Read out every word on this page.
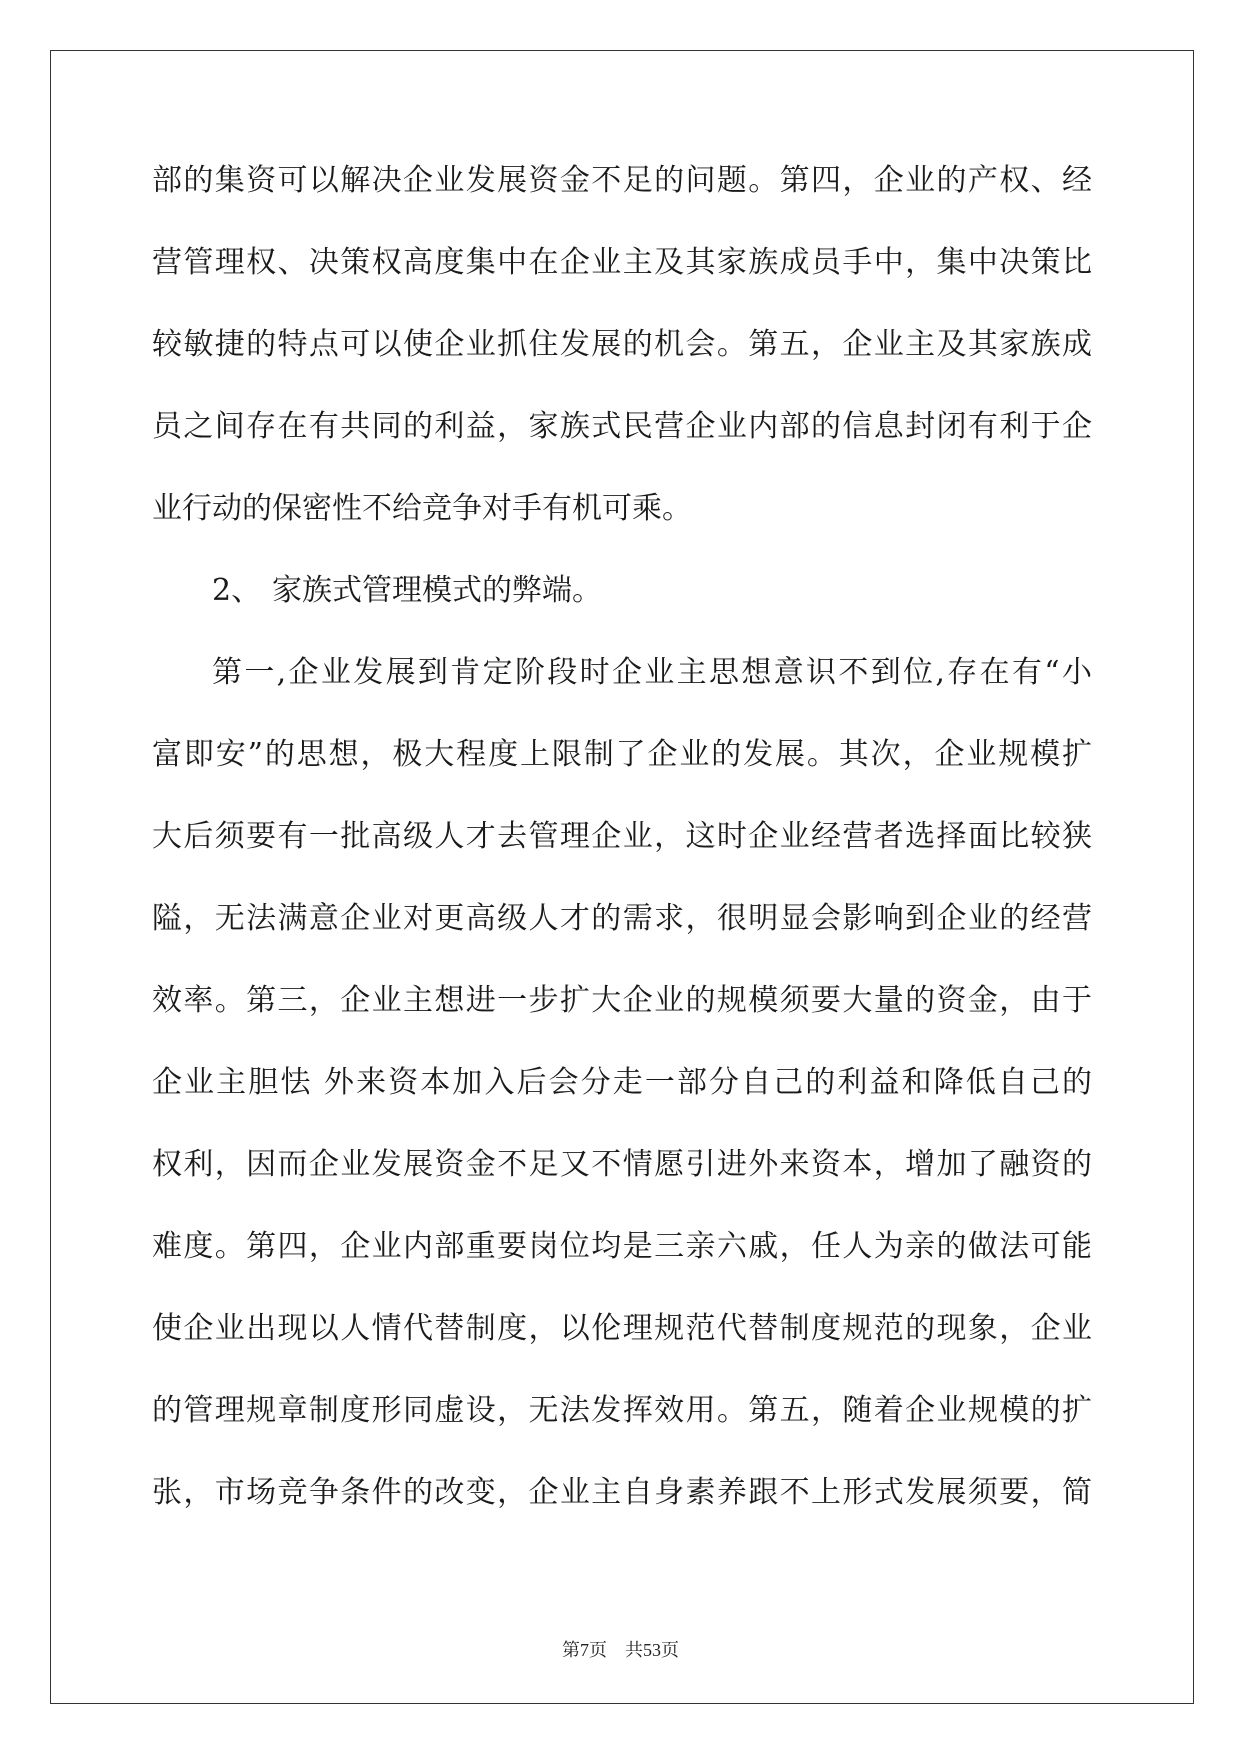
部的集资可以解决企业发展资金不足的问题。第四，企业的产权、经
营管理权、决策权高度集中在企业主及其家族成员手中，集中决策比
较敏捷的特点可以使企业抓住发展的机会。第五，企业主及其家族成
员之间存在有共同的利益，家族式民营企业内部的信息封闭有利于企
业行动的保密性不给竞争对手有机可乘。
2、 家族式管理模式的弊端。
第一,企业发展到肯定阶段时企业主思想意识不到位,存在有“小
富即安”的思想，极大程度上限制了企业的发展。其次，企业规模扩
大后须要有一批高级人才去管理企业，这时企业经营者选择面比较狭
隘，无法满意企业对更高级人才的需求，很明显会影响到企业的经营
效率。第三，企业主想进一步扩大企业的规模须要大量的资金，由于
企业主胆怯 外来资本加入后会分走一部分自己的利益和降低自己的
权利，因而企业发展资金不足又不情愿引进外来资本，增加了融资的
难度。第四，企业内部重要岗位均是三亲六戚，任人为亲的做法可能
使企业出现以人情代替制度，以伦理规范代替制度规范的现象，企业
的管理规章制度形同虚设，无法发挥效用。第五，随着企业规模的扩
张，市场竞争条件的改变，企业主自身素养跟不上形式发展须要，简
第7页 共53页
